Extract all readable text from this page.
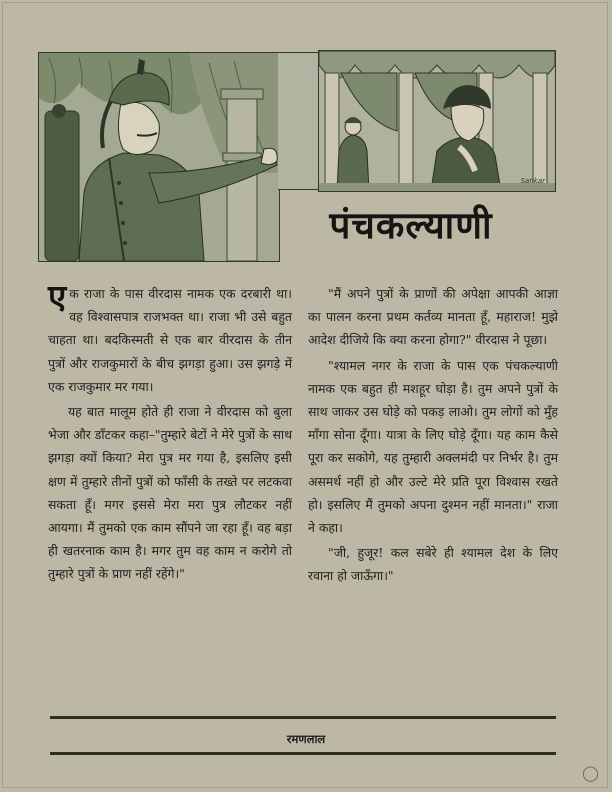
Sankar
पंचकल्याणी

एक राजा के पास वीरदास नामक एक दरबारी था। वह विश्वासपात्र राजभक्त था। राजा भी उसे बहुत चाहता था। बदकिस्मती से एक बार वीरदास के तीन पुत्रों और राजकुमारों के बीच झगड़ा हुआ। उस झगड़े में एक राजकुमार मर गया।

यह बात मालूम होते ही राजा ने वीरदास को बुला भेजा और डाँटकर कहा–"तुम्हारे बेटों ने मेरे पुत्रों के साथ झगड़ा क्यों किया? मेरा पुत्र मर गया है, इसलिए इसी क्षण में तुम्हारे तीनों पुत्रों को फाँसी के तख्ते पर लटकवा सकता हूँ। मगर इससे मेरा मरा पुत्र लौटकर नहीं आयगा। मैं तुमको एक काम सौंपने जा रहा हूँ। वह बड़ा ही खतरनाक काम है। मगर तुम वह काम न करोगे तो तुम्हारे पुत्रों के प्राण नहीं रहेंगे।"

"मैं अपने पुत्रों के प्राणों की अपेक्षा आपकी आज्ञा का पालन करना प्रथम कर्तव्य मानता हूँ, महाराज! मुझे आदेश दीजिये कि क्या करना होगा?" वीरदास ने पूछा।

"श्यामल नगर के राजा के पास एक पंचकल्याणी नामक एक बहुत ही मशहूर घोड़ा है। तुम अपने पुत्रों के साथ जाकर उस घोड़े को पकड़ लाओ। तुम लोगों को मुँह माँगा सोना दूँगा। यात्रा के लिए घोड़े दूँगा। यह काम कैसे पूरा कर सकोगे, यह तुम्हारी अक्लमंदी पर निर्भर है। तुम असमर्थ नहीं हो और उल्टे मेरे प्रति पूरा विश्वास रखते हो। इसलिए मैं तुमको अपना दुश्मन नहीं मानता।" राजा ने कहा।

"जी, हुजूर! कल सबेरे ही श्यामल देश के लिए रवाना हो जाऊँगा।"

रमणलाल
◯
